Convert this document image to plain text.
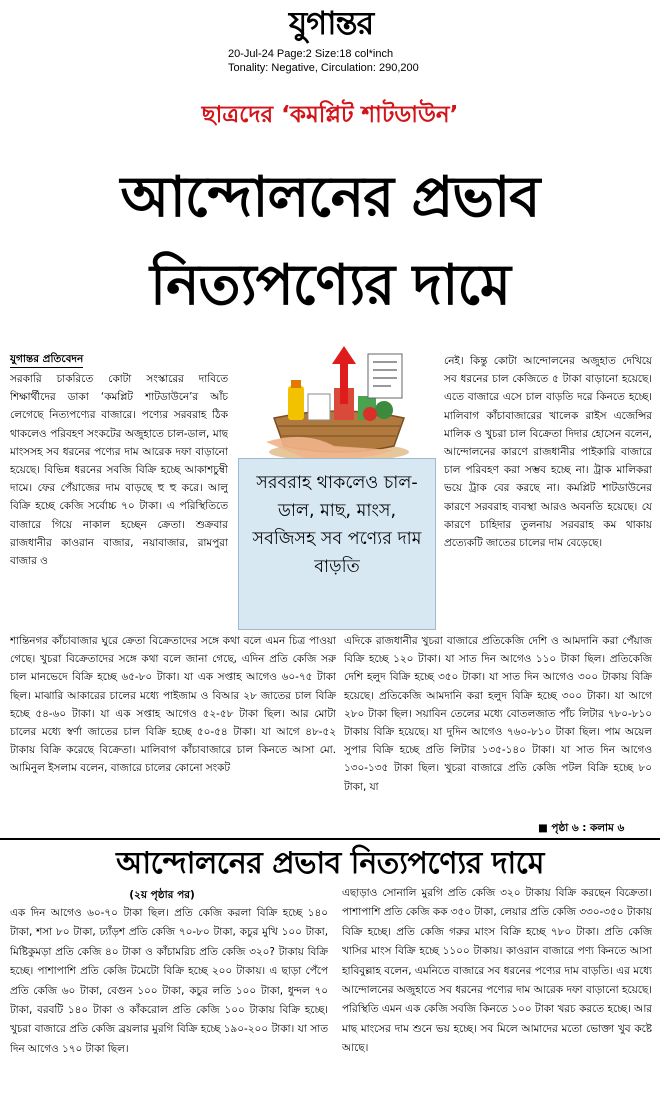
যুগান্তর
20-Jul-24 Page:2 Size:18 col*inch
Tonality: Negative, Circulation: 290,200
ছাত্রদের ‘কমপ্লিট শাটডাউন’
আন্দোলনের প্রভাব
নিত্যপণ্যের দামে
যুগান্তর প্রতিবেদন
সরকারি চাকরিতে কোটা সংস্কারের দাবিতে শিক্ষার্থীদের ডাকা ‘কমপ্লিট শাটডাউনে’র আঁচ লেগেছে নিত্যপণ্যের বাজারে। পণ্যের সরবরাহ ঠিক থাকলেও পরিবহণ সংকটের অজুহাতে চাল-ডাল, মাছ মাংসসহ সব ধরনের পণ্যের দাম আরেক দফা বাড়ানো হয়েছে। বিভিন্ন ধরনের সবজি বিক্রি হচ্ছে আকাশচুম্বী দামে। ফের পেঁয়াজের দাম বাড়ছে হু হু করে। আলু বিক্রি হচ্ছে কেজি সর্বোচ্চ ৭০ টাকা। এ পরিস্থিতিতে বাজারে গিয়ে নাকাল হচ্ছেন ক্রেতা। শুক্রবার রাজধানীর কাওরান বাজার, নয়াবাজার, রামপুরা বাজার ও
নেই। কিন্তু কোটা আন্দোলনের অজুহাত দেখিয়ে সব ধরনের চাল কেজিতে ৫ টাকা বাড়ানো হয়েছে। এতে বাজারে এসে চাল বাড়তি দরে কিনতে হচ্ছে। মালিবাগ কাঁচাবাজারের খালেক রাইস এজেন্সির মালিক ও খুচরা চাল বিক্রেতা দিদার হোসেন বলেন, আন্দোলনের কারণে রাজধানীর পাইকারি বাজারে চাল পরিবহণ করা সম্ভব হচ্ছে না। ট্রাক মালিকরা ভয়ে ট্রাক বের করছে না। কমপ্লিট শাটডাউনের কারণে সরবরাহ ব্যবস্থা আরও অবনতি হয়েছে। যে কারণে চাহিদার তুলনায় সরবরাহ কম থাকায় প্রত্যেকটি জাতের চালের দাম বেড়েছে।
সরবরাহ থাকলেও চাল-ডাল, মাছ, মাংস, সবজিসহ সব পণ্যের দাম বাড়তি
শান্তিনগর কাঁচাবাজার ঘুরে ক্রেতা বিক্রেতাদের সঙ্গে কথা বলে এমন চিত্র পাওয়া গেছে। খুচরা বিক্রেতাদের সঙ্গে কথা বলে জানা গেছে, এদিন প্রতি কেজি সরু চাল মানভেদে বিক্রি হচ্ছে ৬৫-৮০ টাকা। যা এক সপ্তাহ আগেও ৬০-৭৫ টাকা ছিল। মাঝারি আকারের চালের মধ্যে পাইজাম ও বিআর ২৮ জাতের চাল বিক্রি হচ্ছে ৫৪-৬০ টাকা। যা এক সপ্তাহ আগেও ৫২-৫৮ টাকা ছিল। আর মোটা চালের মধ্যে স্বর্ণা জাতের চাল বিক্রি হচ্ছে ৫০-৫৪ টাকা। যা আগে ৪৮-৫২ টাকায় বিক্রি করেছে বিক্রেতা। মালিবাগ কাঁচাবাজারে চাল কিনতে আসা মো. আমিনুল ইসলাম বলেন, বাজারে চালের কোনো সংকট
এদিকে রাজধানীর খুচরা বাজারে প্রতিকেজি দেশি ও আমদানি করা পেঁয়াজ বিক্রি হচ্ছে ১২০ টাকা। যা সাত দিন আগেও ১১০ টাকা ছিল। প্রতিকেজি দেশি হলুদ বিক্রি হচ্ছে ৩৫০ টাকা। যা সাত দিন আগেও ৩০০ টাকায় বিক্রি হয়েছে। প্রতিকেজি আমদানি করা হলুদ বিক্রি হচ্ছে ৩০০ টাকা। যা আগে ২৮০ টাকা ছিল। সয়াবিন তেলের মধ্যে বোতলজাত পাঁচ লিটার ৭৮০-৮১০ টাকায় বিক্রি হয়েছে। যা দুদিন আগেও ৭৬০-৮১০ টাকা ছিল। পাম অয়েল সুপার বিক্রি হচ্ছে প্রতি লিটার ১৩৫-১৪০ টাকা। যা সাত দিন আগেও ১৩০-১৩৫ টাকা ছিল। খুচরা বাজারে প্রতি কেজি পটল বিক্রি হচ্ছে ৮০ টাকা, যা
■ পৃষ্ঠা ৬ : কলাম ৬
আন্দোলনের প্রভাব নিত্যপণ্যের দামে
(২য় পৃষ্ঠার পর)
এক দিন আগেও ৬০-৭০ টাকা ছিল। প্রতি কেজি করলা বিক্রি হচ্ছে ১৪০ টাকা, শসা ৮০ টাকা, ঢ্যাঁড়শ প্রতি কেজি ৭০-৮০ টাকা, কচুর মুখি ১০০ টাকা, মিষ্টিকুমড়া প্রতি কেজি ৪০ টাকা ও কাঁচামরিচ প্রতি কেজি ৩২০? টাকায় বিক্রি হচ্ছে। পাশাপাশি প্রতি কেজি টমেটো বিক্রি হচ্ছে ২০০ টাকায়। এ ছাড়া পেঁপে প্রতি কেজি ৬০ টাকা, বেগুন ১০০ টাকা, কচুর লতি ১০০ টাকা, ধুন্দল ৭০ টাকা, বরবটি ১৪০ টাকা ও কাঁকরোল প্রতি কেজি ১০০ টাকায় বিক্রি হচ্ছে। খুচরা বাজারে প্রতি কেজি ব্রয়লার মুরগি বিক্রি হচ্ছে ১৯০-২০০ টাকা। যা সাত দিন আগেও ১৭০ টাকা ছিল।
এছাড়াও সোনালি মুরগি প্রতি কেজি ৩২০ টাকায় বিক্রি করছেন বিক্রেতা। পাশাপাশি প্রতি কেজি কক ৩৫০ টাকা, লেয়ার প্রতি কেজি ৩৩০-৩৫০ টাকায় বিক্রি হচ্ছে। প্রতি কেজি গরুর মাংস বিক্রি হচ্ছে ৭৮০ টাকা। প্রতি কেজি খাসির মাংস বিক্রি হচ্ছে ১১০০ টাকায়। কাওরান বাজারে পণ্য কিনতে আসা হাবিবুল্লাহ বলেন, এমনিতে বাজারে সব ধরনের পণ্যের দাম বাড়তি। এর মধ্যে আন্দোলনের অজুহাতে সব ধরনের পণ্যের দাম আরেক দফা বাড়ানো হয়েছে। পরিস্থিতি এমন এক কেজি সবজি কিনতে ১০০ টাকা খরচ করতে হচ্ছে। আর মাছ মাংসের দাম শুনে ভয় হচ্ছে। সব মিলে আমাদের মতো ভোক্তা খুব কষ্টে আছে।
